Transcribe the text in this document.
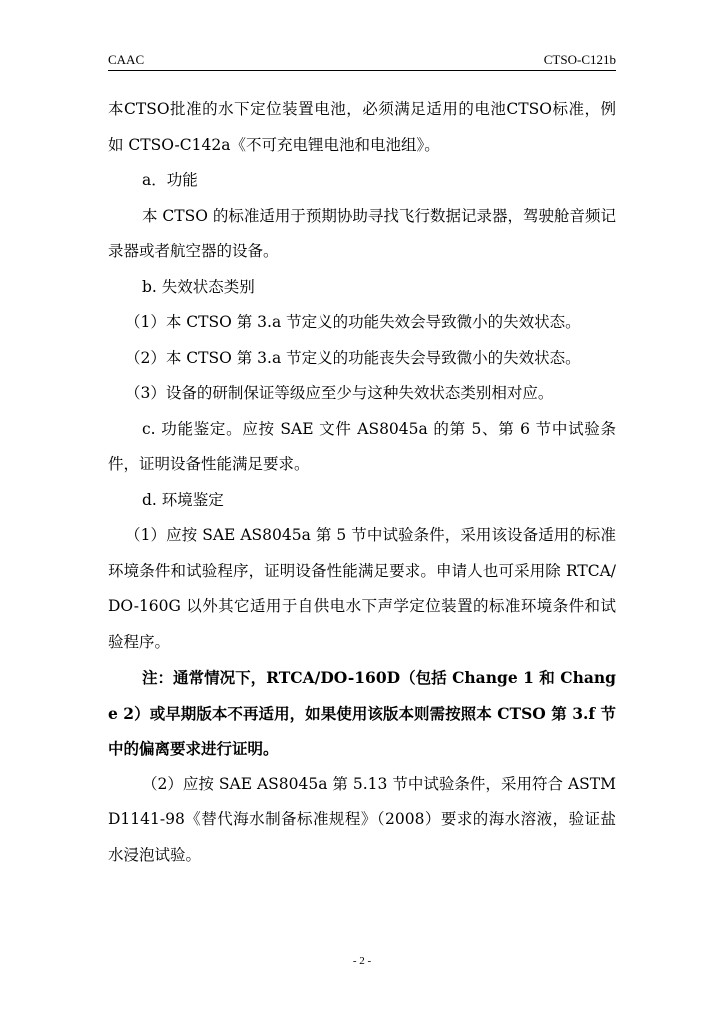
CAAC	CTSO-C121b

本CTSO批准的水下定位装置电池，必须满足适用的电池CTSO标准，例如 CTSO-C142a《不可充电锂电池和电池组》。

a．功能

本 CTSO 的标准适用于预期协助寻找飞行数据记录器，驾驶舱音频记录器或者航空器的设备。

b. 失效状态类别

（1）本 CTSO 第 3.a 节定义的功能失效会导致微小的失效状态。

（2）本 CTSO 第 3.a 节定义的功能丧失会导致微小的失效状态。

（3）设备的研制保证等级应至少与这种失效状态类别相对应。

c. 功能鉴定。应按 SAE 文件 AS8045a 的第 5、第 6 节中试验条件，证明设备性能满足要求。

d. 环境鉴定

（1）应按 SAE AS8045a 第 5 节中试验条件，采用该设备适用的标准环境条件和试验程序，证明设备性能满足要求。申请人也可采用除 RTCA/DO-160G 以外其它适用于自供电水下声学定位装置的标准环境条件和试验程序。

注：通常情况下，RTCA/DO-160D（包括 Change 1 和 Change 2）或早期版本不再适用，如果使用该版本则需按照本 CTSO 第 3.f 节中的偏离要求进行证明。

（2）应按 SAE AS8045a 第 5.13 节中试验条件，采用符合 ASTM D1141-98《替代海水制备标准规程》（2008）要求的海水溶液，验证盐水浸泡试验。

- 2 -
